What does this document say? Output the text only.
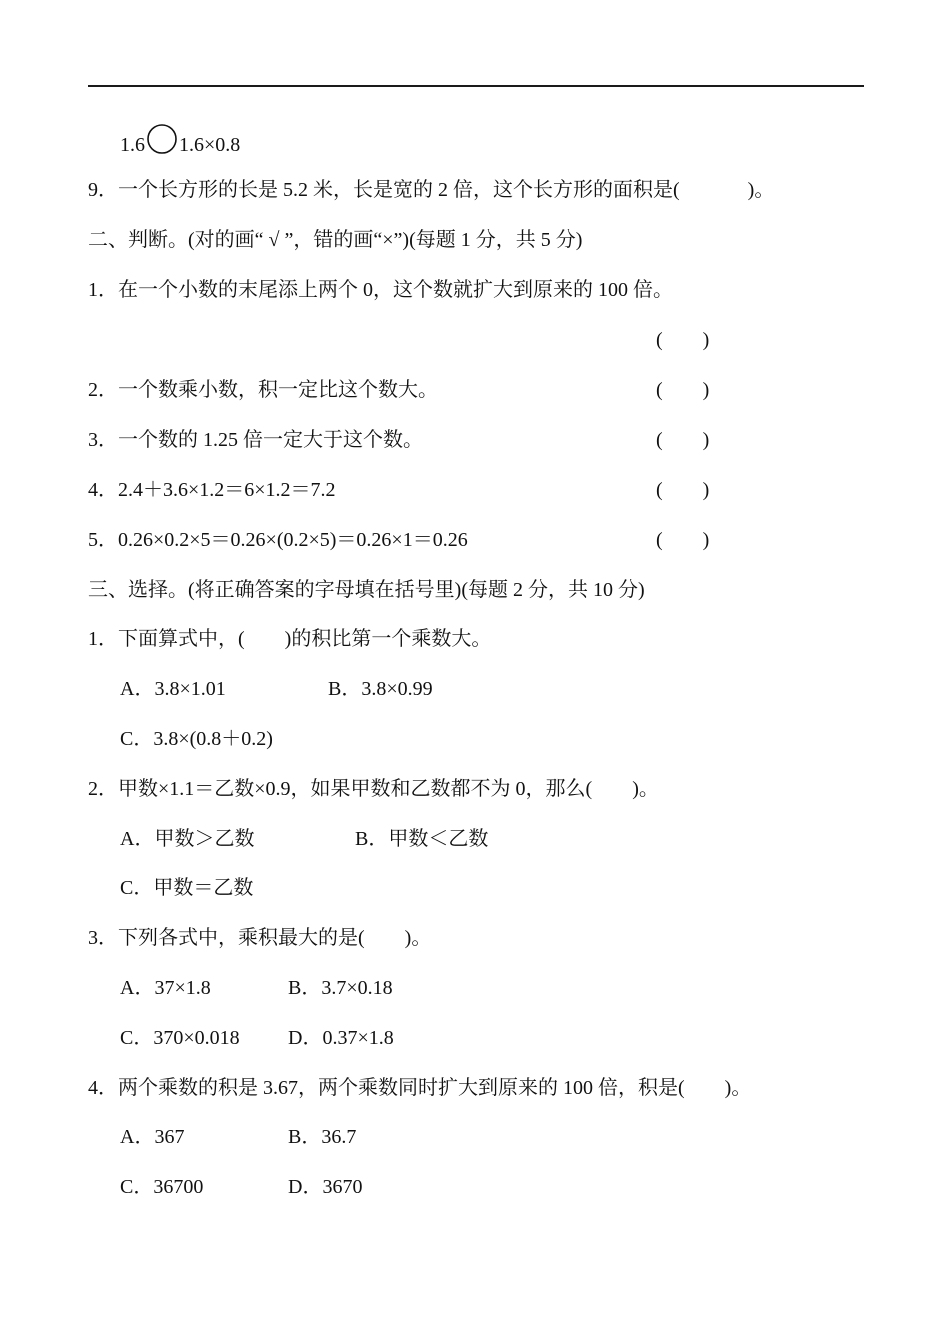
1.6 1.6×0.8
9．一个长方形的长是 5.2 米，长是宽的 2 倍，这个长方形的面积是(	)。
二、判断。(对的画“ √ ”，错的画“×”)(每题 1 分，共 5 分)
1．在一个小数的末尾添上两个 0，这个数就扩大到原来的 100 倍。
(　　)
2．一个数乘小数，积一定比这个数大。	(　　)
3．一个数的 1.25 倍一定大于这个数。	(　　)
4．2.4＋3.6×1.2＝6×1.2＝7.2	(　　)
5．0.26×0.2×5＝0.26×(0.2×5)＝0.26×1＝0.26	(　　)
三、选择。(将正确答案的字母填在括号里)(每题 2 分，共 10 分)
1．下面算式中，(　　)的积比第一个乘数大。
A．3.8×1.01	B．3.8×0.99
C．3.8×(0.8＋0.2)
2．甲数×1.1＝乙数×0.9，如果甲数和乙数都不为 0，那么(　　)。
A．甲数＞乙数	B．甲数＜乙数
C．甲数＝乙数
3．下列各式中，乘积最大的是(　　)。
A．37×1.8	B．3.7×0.18
C．370×0.018 D．0.37×1.8
4．两个乘数的积是 3.67，两个乘数同时扩大到原来的 100 倍，积是(　　)。
A．367	B．36.7
C．36700	D．3670
